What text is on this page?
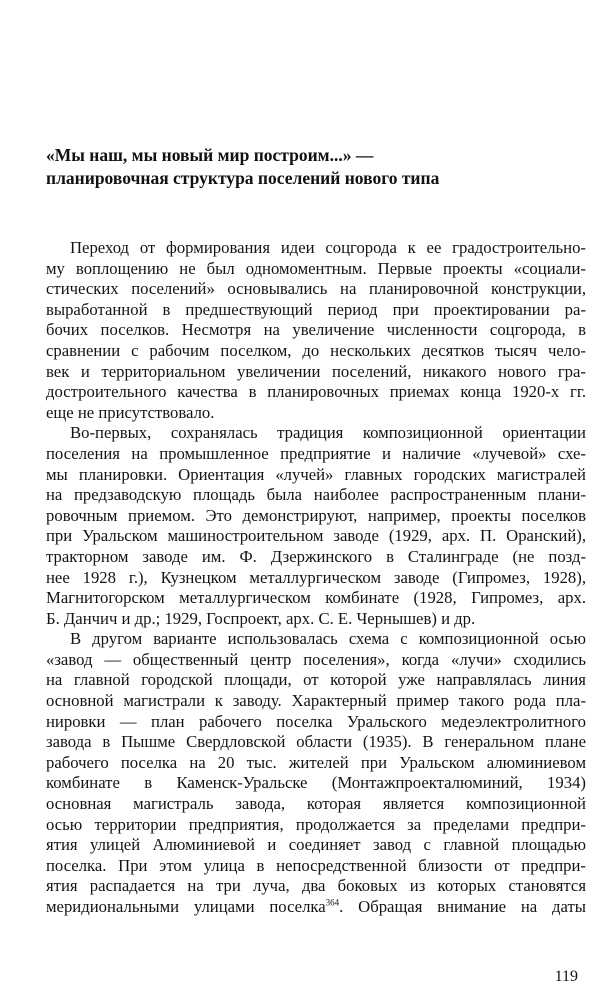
«Мы наш, мы новый мир построим...» —
планировочная структура поселений нового типа

Переход от формирования идеи соцгорода к ее градостроительно-
му воплощению не был одномоментным. Первые проекты «социали-
стических поселений» основывались на планировочной конструкции,
выработанной в предшествующий период при проектировании ра-
бочих поселков. Несмотря на увеличение численности соцгорода, в
сравнении с рабочим поселком, до нескольких десятков тысяч чело-
век и территориальном увеличении поселений, никакого нового гра-
достроительного качества в планировочных приемах конца 1920-х гг.
еще не присутствовало.

Во-первых, сохранялась традиция композиционной ориентации
поселения на промышленное предприятие и наличие «лучевой» схе-
мы планировки. Ориентация «лучей» главных городских магистралей
на предзаводскую площадь была наиболее распространенным плани-
ровочным приемом. Это демонстрируют, например, проекты поселков
при Уральском машиностроительном заводе (1929, арх. П. Оранский),
тракторном заводе им. Ф. Дзержинского в Сталинграде (не позд-
нее 1928 г.), Кузнецком металлургическом заводе (Гипромез, 1928),
Магнитогорском металлургическом комбинате (1928, Гипромез, арх.
Б. Данчич и др.; 1929, Госпроект, арх. С. Е. Чернышев) и др.

В другом варианте использовалась схема с композиционной осью
«завод — общественный центр поселения», когда «лучи» сходились
на главной городской площади, от которой уже направлялась линия
основной магистрали к заводу. Характерный пример такого рода пла-
нировки — план рабочего поселка Уральского медеэлектролитного
завода в Пышме Свердловской области (1935). В генеральном плане
рабочего поселка на 20 тыс. жителей при Уральском алюминиевом
комбинате в Каменск-Уральске (Монтажпроекталюминий, 1934)
основная магистраль завода, которая является композиционной
осью территории предприятия, продолжается за пределами предпри-
ятия улицей Алюминиевой и соединяет завод с главной площадью
поселка. При этом улица в непосредственной близости от предпри-
ятия распадается на три луча, два боковых из которых становятся
меридиональными улицами поселка$^{364}$. Обращая внимание на даты

119
